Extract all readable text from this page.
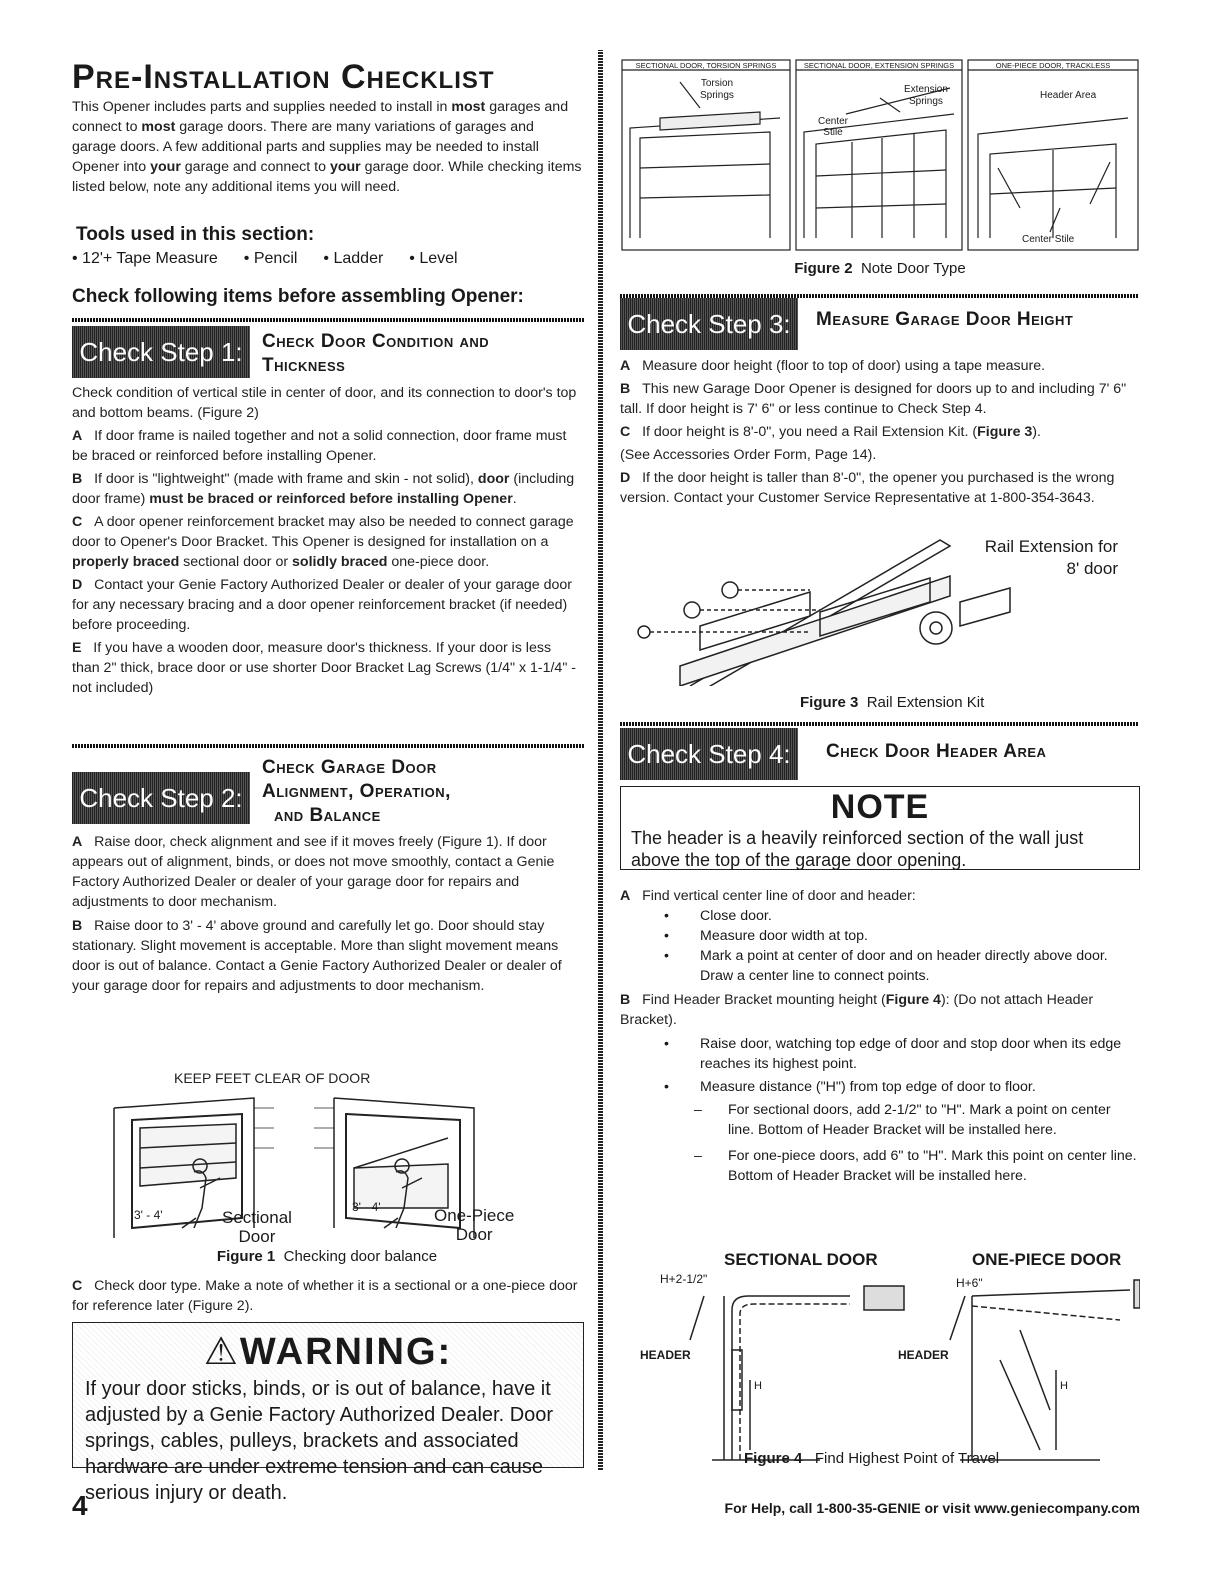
Pre-Installation Checklist

This Opener includes parts and supplies needed to install in most garages and connect to most garage doors. There are many variations of garages and garage doors. A few additional parts and supplies may be needed to install Opener into your garage and connect to your garage door. While checking items listed below, note any additional items you will need.

Tools used in this section:
• 12'+ Tape Measure • Pencil • Ladder • Level
Check following items before assembling Opener:
Check Step 1:	Check Door Condition and
Thickness

Check condition of vertical stile in center of door, and its connection to door's top and bottom beams. (Figure 2)

A If door frame is nailed together and not a solid connection, door frame must be braced or reinforced before installing Opener.

B If door is "lightweight" (made with frame and skin - not solid), door (including door frame) must be braced or reinforced before installing Opener.

C A door opener reinforcement bracket may also be needed to connect garage door to Opener's Door Bracket. This Opener is designed for installation on a properly braced sectional door or solidly braced one-piece door.

D Contact your Genie Factory Authorized Dealer or dealer of your garage door for any necessary bracing and a door opener reinforcement bracket (if needed) before proceeding.

E If you have a wooden door, measure door's thickness. If your door is less than 2" thick, brace door or use shorter Door Bracket Lag Screws (1/4" x 1-1/4" - not included)

Check Step 2:
Check Garage Door
Alignment, Operation,
and Balance

A Raise door, check alignment and see if it moves freely (Figure 1). If door appears out of alignment, binds, or does not move smoothly, contact a Genie Factory Authorized Dealer or dealer of your garage door for repairs and adjustments to door mechanism.

B Raise door to 3' - 4' above ground and carefully let go. Door should stay stationary. Slight movement is acceptable. More than slight movement means door is out of balance. Contact a Genie Factory Authorized Dealer or dealer of your garage door for repairs and adjustments to door mechanism.

KEEP FEET CLEAR OF DOOR
3' - 4'
3' - 4'
Sectional
Door
One-Piece
Door
Figure 1 Checking door balance

C Check door type. Make a note of whether it is a sectional or a one-piece door for reference later (Figure 2).

⚠WARNING:
If your door sticks, binds, or is out of balance, have it adjusted by a Genie Factory Authorized Dealer. Door springs, cables, pulleys, brackets and associated hardware are under extreme tension and can cause serious injury or death.
SECTIONAL DOOR, TORSION SPRINGS	SECTIONAL DOOR, EXTENSION SPRINGS	ONE-PIECE DOOR, TRACKLESS
Torsion
Springs
Extension
Springs
Center
Stile
Header Area
Center Stile
Figure 2 Note Door Type
Check Step 3:	Measure Garage Door Height

A Measure door height (floor to top of door) using a tape measure.

B This new Garage Door Opener is designed for doors up to and including 7' 6" tall. If door height is 7' 6" or less continue to Check Step 4.

C If door height is 8'-0", you need a Rail Extension Kit. (Figure 3).

(See Accessories Order Form, Page 14).

D If the door height is taller than 8'-0", the opener you purchased is the wrong version. Contact your Customer Service Representative at 1-800-354-3643.

Rail Extension for
8' door
Figure 3 Rail Extension Kit
Check Step 4:	Check Door Header Area
NOTE
The header is a heavily reinforced section of the wall just above the top of the garage door opening.

A Find vertical center line of door and header:

• Close door.
• Measure door width at top.
• Mark a point at center of door and on header directly above door. Draw a center line to connect points.

B Find Header Bracket mounting height (Figure 4): (Do not attach Header Bracket).

• Raise door, watching top edge of door and stop door when its edge reaches its highest point.
• Measure distance ("H") from top edge of door to floor.
– For sectional doors, add 2-1/2" to "H". Mark a point on center line. Bottom of Header Bracket will be installed here.
– For one-piece doors, add 6" to "H". Mark this point on center line. Bottom of Header Bracket will be installed here.
SECTIONAL DOOR	ONE-PIECE DOOR
H+2-1/2"	H+6"
HEADER	HEADER
H	H
Figure 4 Find Highest Point of Travel
4	For Help, call 1-800-35-GENIE or visit www.geniecompany.com
